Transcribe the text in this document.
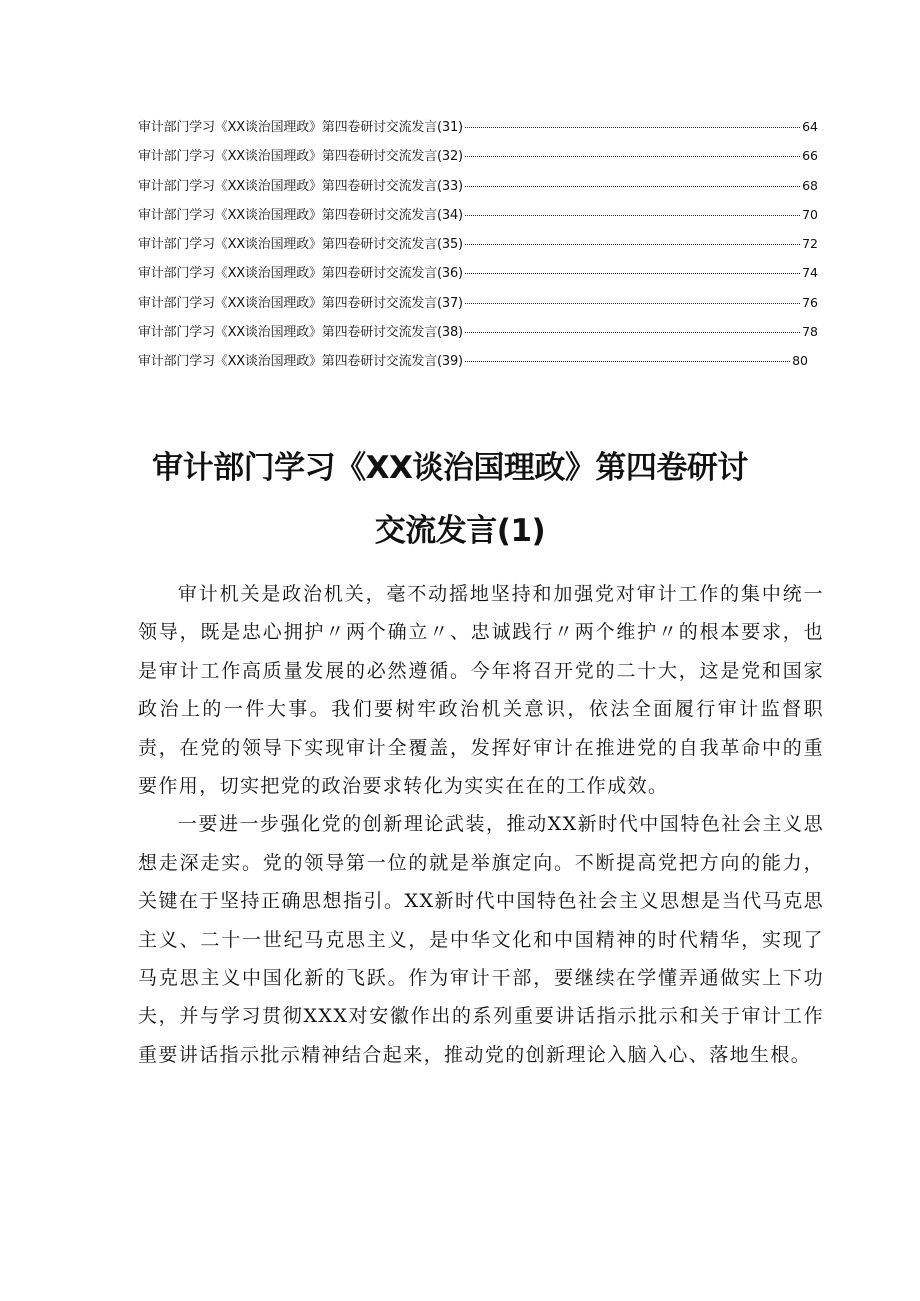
审计部门学习《XX谈治国理政》第四卷研讨交流发言(31)	64
审计部门学习《XX谈治国理政》第四卷研讨交流发言(32)	66
审计部门学习《XX谈治国理政》第四卷研讨交流发言(33)	68
审计部门学习《XX谈治国理政》第四卷研讨交流发言(34)	70
审计部门学习《XX谈治国理政》第四卷研讨交流发言(35)	72
审计部门学习《XX谈治国理政》第四卷研讨交流发言(36)	74
审计部门学习《XX谈治国理政》第四卷研讨交流发言(37)	76
审计部门学习《XX谈治国理政》第四卷研讨交流发言(38)	78
审计部门学习《XX谈治国理政》第四卷研讨交流发言(39)	80
审计部门学习《XX谈治国理政》第四卷研讨
交流发言(1)

审计机关是政治机关，毫不动摇地坚持和加强党对审计工作的集中统一领导，既是忠心拥护〃两个确立〃、忠诚践行〃两个维护〃的根本要求，也是审计工作高质量发展的必然遵循。今年将召开党的二十大，这是党和国家政治上的一件大事。我们要树牢政治机关意识，依法全面履行审计监督职责，在党的领导下实现审计全覆盖，发挥好审计在推进党的自我革命中的重要作用，切实把党的政治要求转化为实实在在的工作成效。

一要进一步强化党的创新理论武装，推动XX新时代中国特色社会主义思想走深走实。党的领导第一位的就是举旗定向。不断提高党把方向的能力，关键在于坚持正确思想指引。XX新时代中国特色社会主义思想是当代马克思主义、二十一世纪马克思主义，是中华文化和中国精神的时代精华，实现了马克思主义中国化新的飞跃。作为审计干部，要继续在学懂弄通做实上下功夫，并与学习贯彻XXX对安徽作出的系列重要讲话指示批示和关于审计工作重要讲话指示批示精神结合起来，推动党的创新理论入脑入心、落地生根。
